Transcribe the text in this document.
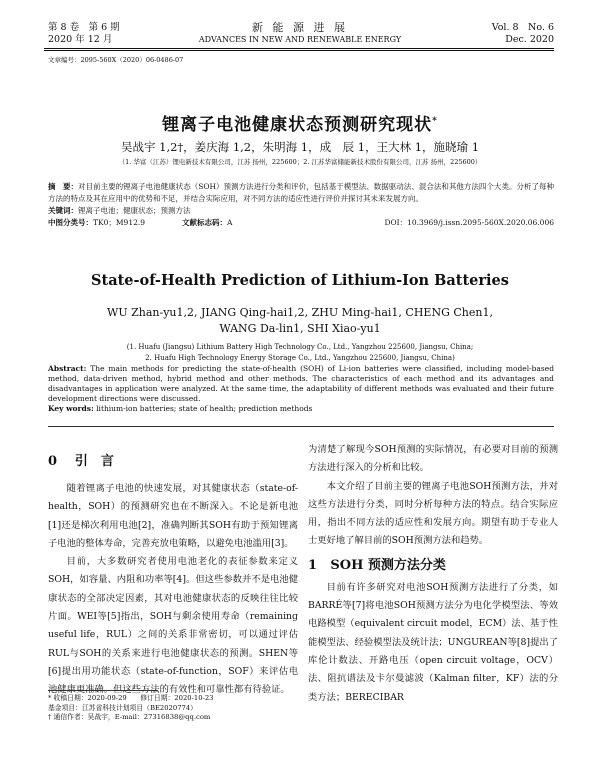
第 8 卷　第 6 期
2020 年 12 月
新 能 源 进 展
ADVANCES IN NEW AND RENEWABLE ENERGY
Vol. 8　No. 6
Dec. 2020
文章编号：2095-560X（2020）06-0486-07
锂离子电池健康状态预测研究现状*
吴战宇 1,2†，姜庆海 1,2，朱明海 1，成　辰 1，王大林 1，施晓瑜 1
（1. 华富（江苏）锂电新技术有限公司，江苏 扬州，225600；2. 江苏华富储能新技术股份有限公司，江苏 扬州，225600）
摘　要：对目前主要的锂离子电池健康状态（SOH）预测方法进行分类和评价，包括基于模型法、数据驱动法、混合法和其他方法四个大类。分析了每种方法的特点及其在应用中的优势和不足，并结合实际应用，对不同方法的适应性进行评价并探讨其未来发展方向。
关键词：锂离子电池；健康状态；预测方法
中图分类号：TK0；M912.9	文献标志码：A	DOI：10.3969/j.issn.2095-560X.2020.06.006
State-of-Health Prediction of Lithium-Ion Batteries
WU Zhan-yu1,2, JIANG Qing-hai1,2, ZHU Ming-hai1, CHENG Chen1,
WANG Da-lin1, SHI Xiao-yu1
(1. Huafu (Jiangsu) Lithium Battery High Technology Co., Ltd., Yangzhou 225600, Jiangsu, China;
2. Huafu High Technology Energy Storage Co., Ltd., Yangzhou 225600, Jiangsu, China)
Abstract: The main methods for predicting the state-of-health (SOH) of Li-ion batteries were classified, including model-based method, data-driven method, hybrid method and other methods. The characteristics of each method and its advantages and disadvantages in application were analyzed. At the same time, the adaptability of different methods was evaluated and their future development directions were discussed.
Key words: lithium-ion batteries; state of health; prediction methods
0 引　言

随着锂离子电池的快速发展，对其健康状态（state-of-health，SOH）的预测研究也在不断深入。不论是新电池[1]还是梯次利用电池[2]，准确判断其SOH有助于预知锂离子电池的整体寿命，完善充放电策略，以避免电池滥用[3]。

目前，大多数研究者使用电池老化的表征参数来定义SOH，如容量、内阻和功率等[4]。但这些参数并不是电池健康状态的全部决定因素，其对电池健康状态的反映往往比较片面。WEI等[5]指出，SOH与剩余使用寿命（remaining useful life，RUL）之间的关系非常密切，可以通过评估RUL与SOH的关系来进行电池健康状态的预测。SHEN等[6]提出用功能状态（state-of-function，SOF）来评估电池健康更准确。但这些方法的有效性和可靠性都有待验证。

* 收稿日期：2020-09-29　　修订日期：2020-10-23
基金项目：江苏省科技计划项目（BE2020774）
† 通信作者：吴战宇，E-mail：27316838@qq.com

为清楚了解现今SOH预测的实际情况，有必要对目前的预测方法进行深入的分析和比较。

本文介绍了目前主要的锂离子电池SOH预测方法，并对这些方法进行分类，同时分析每种方法的特点。结合实际应用，指出不同方法的适应性和发展方向。期望有助于专业人士更好地了解目前的SOH预测方法和趋势。

1 SOH 预测方法分类

目前有许多研究对电池SOH预测方法进行了分类，如BARRÉ等[7]将电池SOH预测方法分为电化学模型法、等效电路模型（equivalent circuit model，ECM）法、基于性能模型法、经验模型法及统计法；UNGUREAN等[8]提出了库伦计数法、开路电压（open circuit voltage，OCV）法、阻抗谱法及卡尔曼滤波（Kalman filter，KF）法的分类方法；BERECIBAR
